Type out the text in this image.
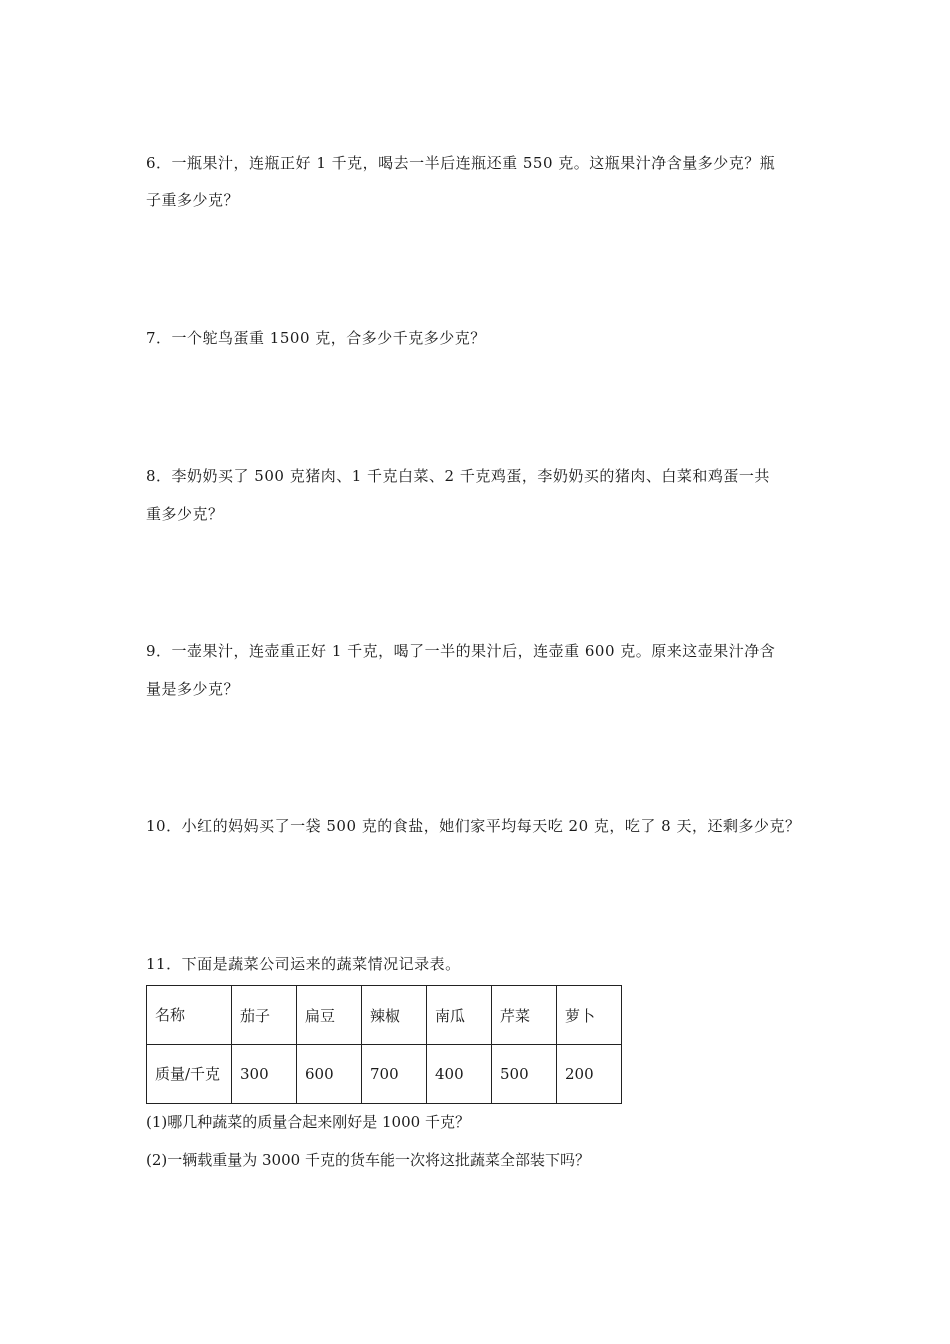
6．一瓶果汁，连瓶正好 1 千克，喝去一半后连瓶还重 550 克。这瓶果汁净含量多少克？瓶
子重多少克？
7．一个鸵鸟蛋重 1500 克，合多少千克多少克？
8．李奶奶买了 500 克猪肉、1 千克白菜、2 千克鸡蛋，李奶奶买的猪肉、白菜和鸡蛋一共
重多少克？
9．一壶果汁，连壶重正好 1 千克，喝了一半的果汁后，连壶重 600 克。原来这壶果汁净含
量是多少克？
10．小红的妈妈买了一袋 500 克的食盐，她们家平均每天吃 20 克，吃了 8 天，还剩多少克？
11．下面是蔬菜公司运来的蔬菜情况记录表。
名称	茄子	扁豆	辣椒	南瓜	芹菜	萝卜
质量/千克	300	600	700	400	500	200
(1)哪几种蔬菜的质量合起来刚好是 1000 千克？
(2)一辆载重量为 3000 千克的货车能一次将这批蔬菜全部装下吗？
